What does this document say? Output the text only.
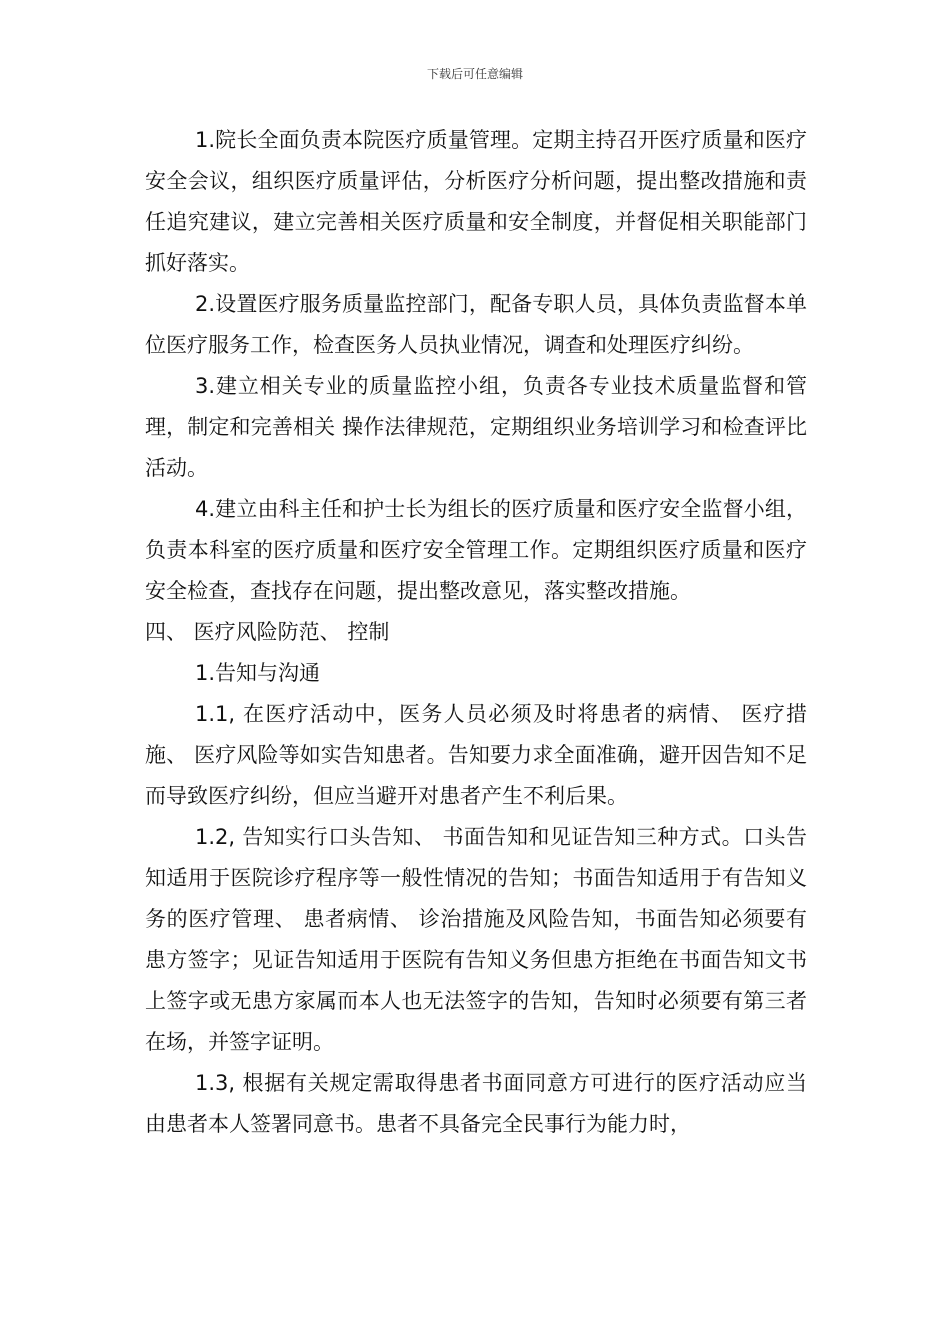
下载后可任意编辑

1.院长全面负责本院医疗质量管理。定期主持召开医疗质量和医疗安全会议，组织医疗质量评估，分析医疗分析问题，提出整改措施和责任追究建议，建立完善相关医疗质量和安全制度，并督促相关职能部门抓好落实。

2.设置医疗服务质量监控部门，配备专职人员，具体负责监督本单位医疗服务工作，检查医务人员执业情况，调查和处理医疗纠纷。

3.建立相关专业的质量监控小组，负责各专业技术质量监督和管理，制定和完善相关 操作法律规范，定期组织业务培训学习和检查评比活动。

4.建立由科主任和护士长为组长的医疗质量和医疗安全监督小组，负责本科室的医疗质量和医疗安全管理工作。定期组织医疗质量和医疗安全检查，查找存在问题，提出整改意见，落实整改措施。

四、 医疗风险防范、 控制

1.告知与沟通

1.1, 在医疗活动中，医务人员必须及时将患者的病情、 医疗措施、 医疗风险等如实告知患者。告知要力求全面准确，避开因告知不足而导致医疗纠纷，但应当避开对患者产生不利后果。

1.2, 告知实行口头告知、 书面告知和见证告知三种方式。口头告知适用于医院诊疗程序等一般性情况的告知；书面告知适用于有告知义务的医疗管理、 患者病情、 诊治措施及风险告知，书面告知必须要有患方签字；见证告知适用于医院有告知义务但患方拒绝在书面告知文书上签字或无患方家属而本人也无法签字的告知，告知时必须要有第三者在场，并签字证明。

1.3, 根据有关规定需取得患者书面同意方可进行的医疗活动应当由患者本人签署同意书。患者不具备完全民事行为能力时，
